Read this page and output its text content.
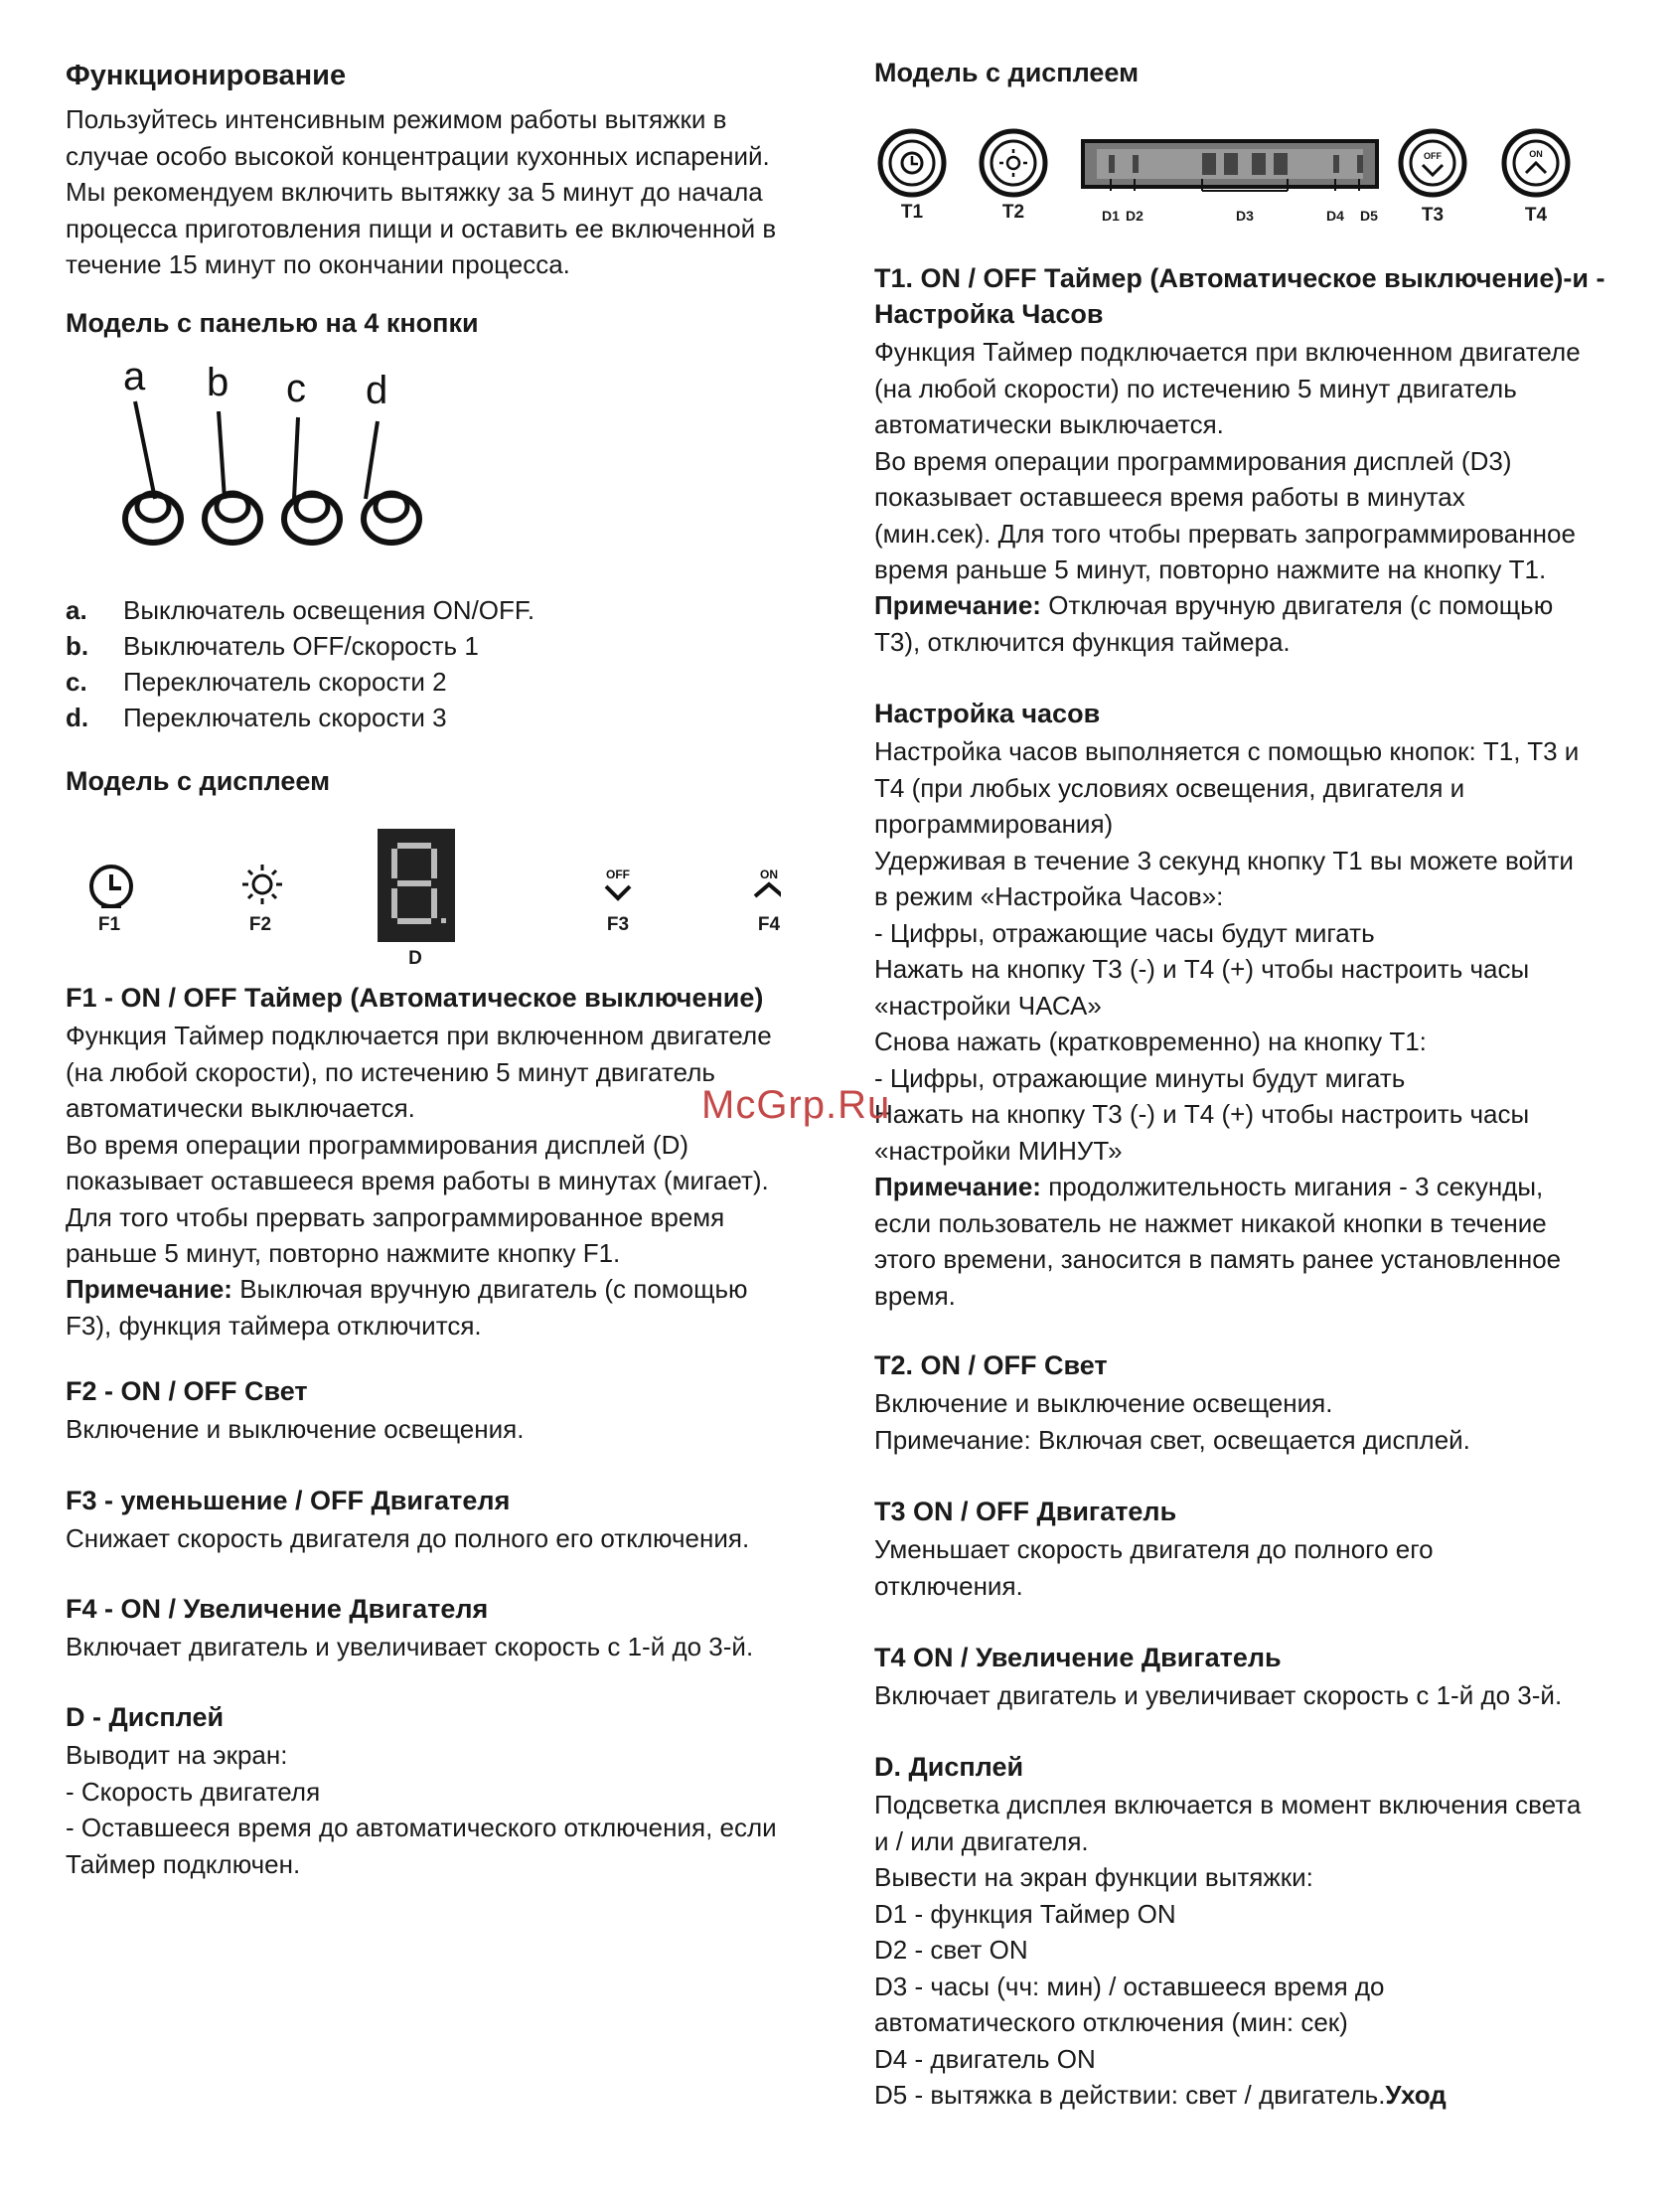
Функционирование
Пользуйтесь интенсивным режимом работы вытяжки в
случае особо высокой концентрации кухонных испарений.
Мы рекомендуем включить вытяжку за 5 минут до начала
процесса приготовления пищи и оставить ее включенной в
течение 15 минут по окончании процесса.
Модель с панелью на 4 кнопки
a b c d
a. Выключатель освещения ON/OFF.
b. Выключатель OFF/скорость 1
c. Переключатель скорости 2
d. Переключатель скорости 3
Модель с дисплеем
OFF	ON
F1	F2
D
F3	F4
F1 - ON / OFF Таймер (Автоматическое выключение)
Функция Таймер подключается при включенном двигателе
(на любой скорости), по истечению 5 минут двигатель
автоматически выключается.
Во время операции программирования дисплей (D)
показывает оставшееся время работы в минутах (мигает).
Для того чтобы прервать запрограммированное время
раньше 5 минут, повторно нажмите кнопку F1.
Примечание: Выключая вручную двигатель (с помощью
F3), функция таймера отключится.
F2 - ON / OFF Свет
Включение и выключение освещения.
F3 - уменьшение / OFF Двигателя
Снижает скорость двигателя до полного его отключения.
F4 - ON / Увеличение Двигателя
Включает двигатель и увеличивает скорость с 1-й до 3-й.
D - Дисплей
Выводит на экран:
- Скорость двигателя
- Оставшееся время до автоматического отключения, если
Таймер подключен.
Модель с дисплеем
OFF	ON
T1	T2	D1 D2	D3	D4	D5	T3	T4
T1. ON / OFF Таймер (Автоматическое выключение)-и -
Настройка Часов
Функция Таймер подключается при включенном двигателе
(на любой скорости) по истечению 5 минут двигатель
автоматически выключается.
Во время операции программирования дисплей (D3)
показывает оставшееся время работы в минутах
(мин.сек). Для того чтобы прервать запрограммированное
время раньше 5 минут, повторно нажмите на кнопку T1.
Примечание: Отключая вручную двигателя (с помощью
T3), отключится функция таймера.
Настройка часов
Настройка часов выполняется с помощью кнопок: T1, T3 и
T4 (при любых условиях освещения, двигателя и
программирования)
Удерживая в течение 3 секунд кнопку T1 вы можете войти
в режим «Настройка Часов»:
- Цифры, отражающие часы будут мигать
Нажать на кнопку T3 (-) и T4 (+) чтобы настроить часы
«настройки ЧАСА»
Снова нажать (кратковременно) на кнопку T1:
- Цифры, отражающие минуты будут мигать
Нажать на кнопку T3 (-) и T4 (+) чтобы настроить часы
«настройки МИНУТ»
Примечание: продолжительность мигания - 3 секунды,
если пользователь не нажмет никакой кнопки в течение
этого времени, заносится в память ранее установленное
время.
T2. ON / OFF Свет
Включение и выключение освещения.
Примечание: Включая свет, освещается дисплей.
T3 ON / OFF Двигатель
Уменьшает скорость двигателя до полного его
отключения.
T4 ON / Увеличение Двигатель
Включает двигатель и увеличивает скорость с 1-й до 3-й.
D. Дисплей
Подсветка дисплея включается в момент включения света
и / или двигателя.
Вывести на экран функции вытяжки:
D1 - функция Таймер ON
D2 - свет ON
D3 - часы (чч: мин) / оставшееся время до
автоматического отключения (мин: сек)
D4 - двигатель ON
D5 - вытяжка в действии: свет / двигатель.Уход
McGrp.Ru
